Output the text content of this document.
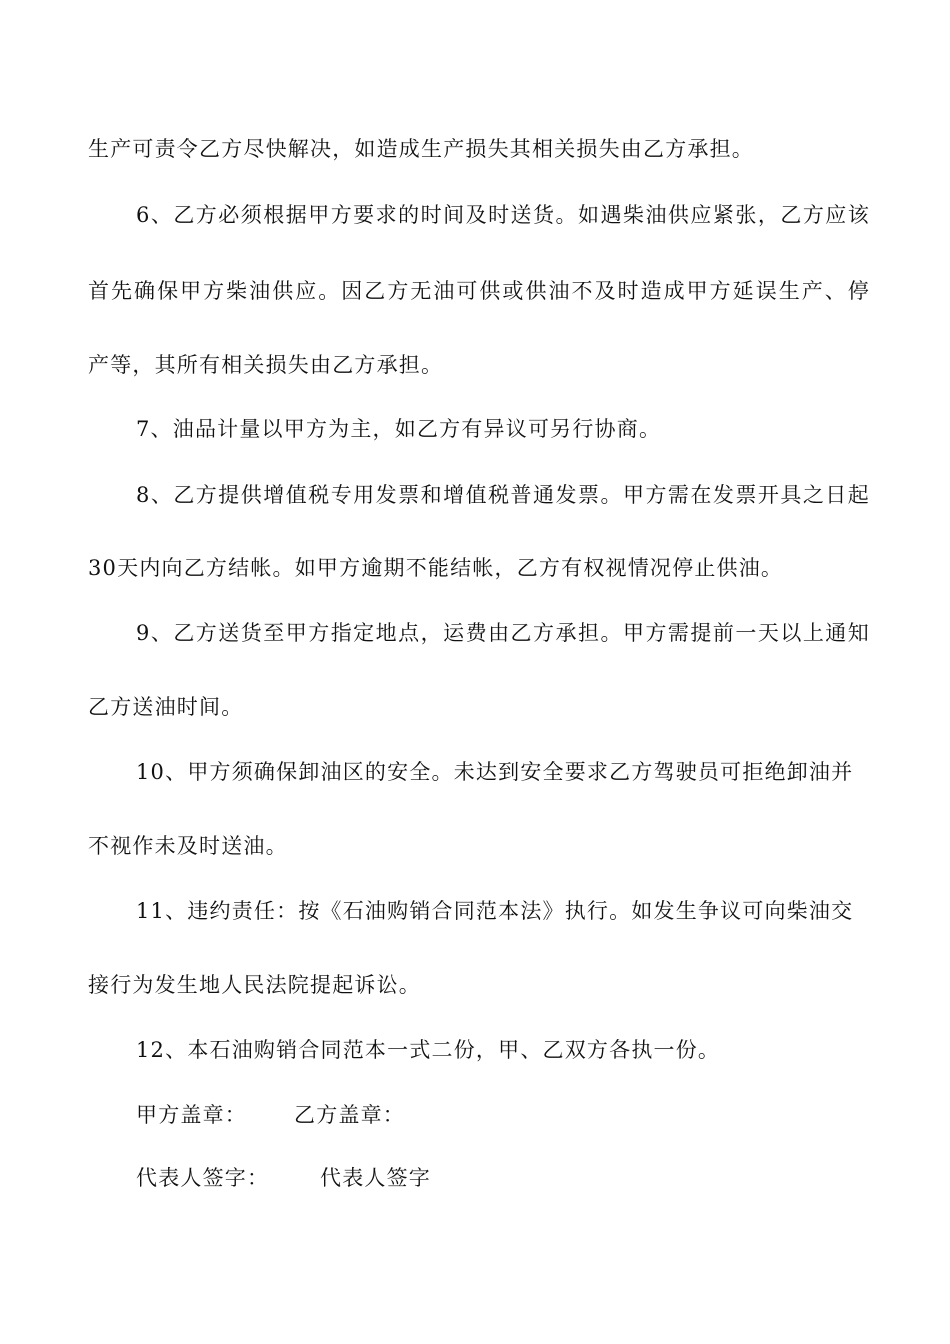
生产可责令乙方尽快解决，如造成生产损失其相关损失由乙方承担。
6、乙方必须根据甲方要求的时间及时送货。如遇柴油供应紧张，乙方应该
首先确保甲方柴油供应。因乙方无油可供或供油不及时造成甲方延误生产、停
产等，其所有相关损失由乙方承担。
7、油品计量以甲方为主，如乙方有异议可另行协商。
8、乙方提供增值税专用发票和增值税普通发票。甲方需在发票开具之日起
30天内向乙方结帐。如甲方逾期不能结帐，乙方有权视情况停止供油。
9、乙方送货至甲方指定地点，运费由乙方承担。甲方需提前一天以上通知
乙方送油时间。
10、甲方须确保卸油区的安全。未达到安全要求乙方驾驶员可拒绝卸油并
不视作未及时送油。
11、违约责任：按《石油购销合同范本法》执行。如发生争议可向柴油交
接行为发生地人民法院提起诉讼。
12、本石油购销合同范本一式二份，甲、乙双方各执一份。
甲方盖章： 乙方盖章：
代表人签字： 代表人签字
